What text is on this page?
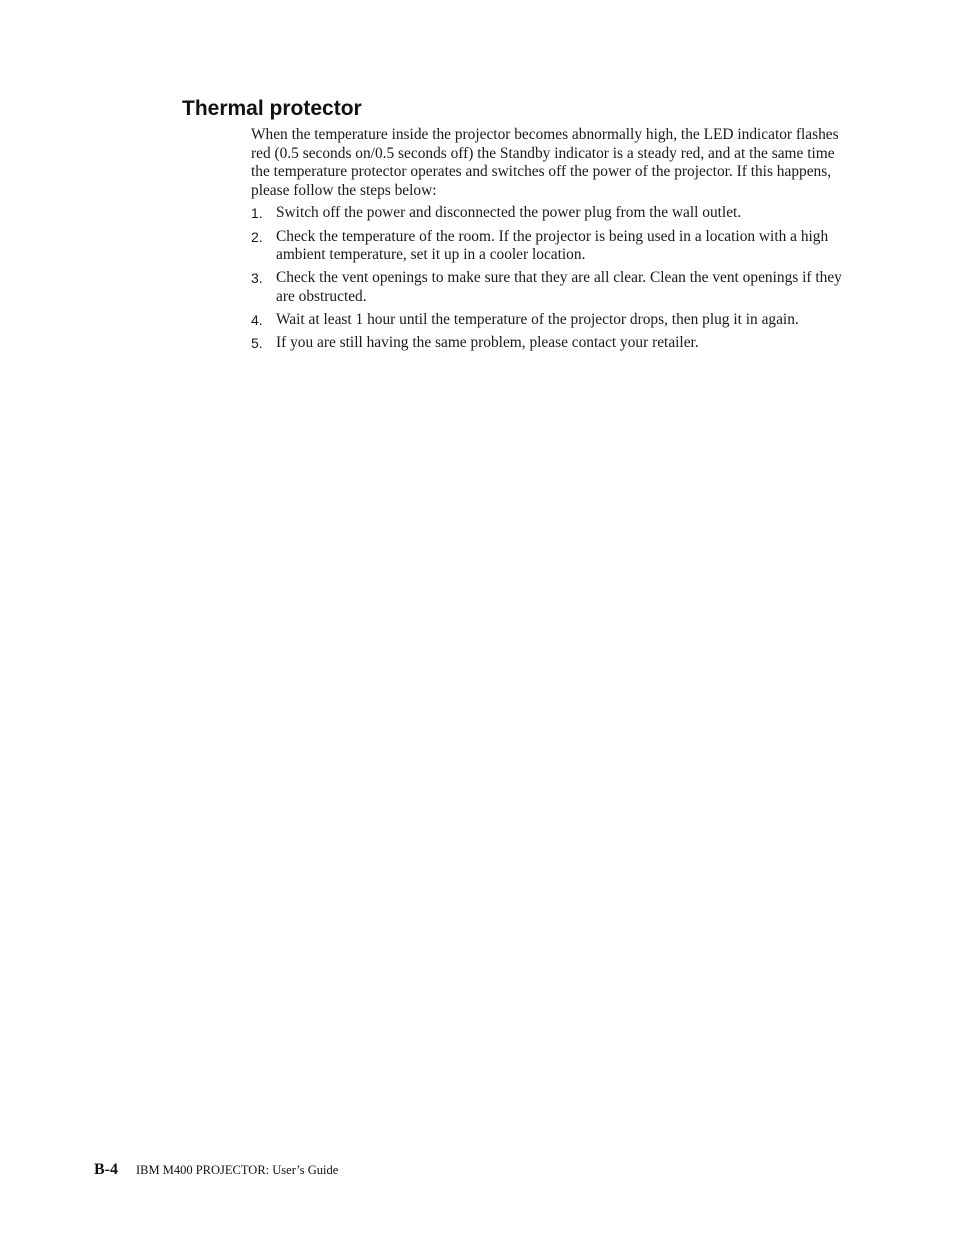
Thermal protector

When the temperature inside the projector becomes abnormally high, the LED indicator flashes red (0.5 seconds on/0.5 seconds off) the Standby indicator is a steady red, and at the same time the temperature protector operates and switches off the power of the projector. If this happens, please follow the steps below:

1. Switch off the power and disconnected the power plug from the wall outlet.
2. Check the temperature of the room. If the projector is being used in a location with a high ambient temperature, set it up in a cooler location.
3. Check the vent openings to make sure that they are all clear. Clean the vent openings if they are obstructed.
4. Wait at least 1 hour until the temperature of the projector drops, then plug it in again.
5. If you are still having the same problem, please contact your retailer.
B-4 IBM M400 PROJECTOR: User’s Guide
